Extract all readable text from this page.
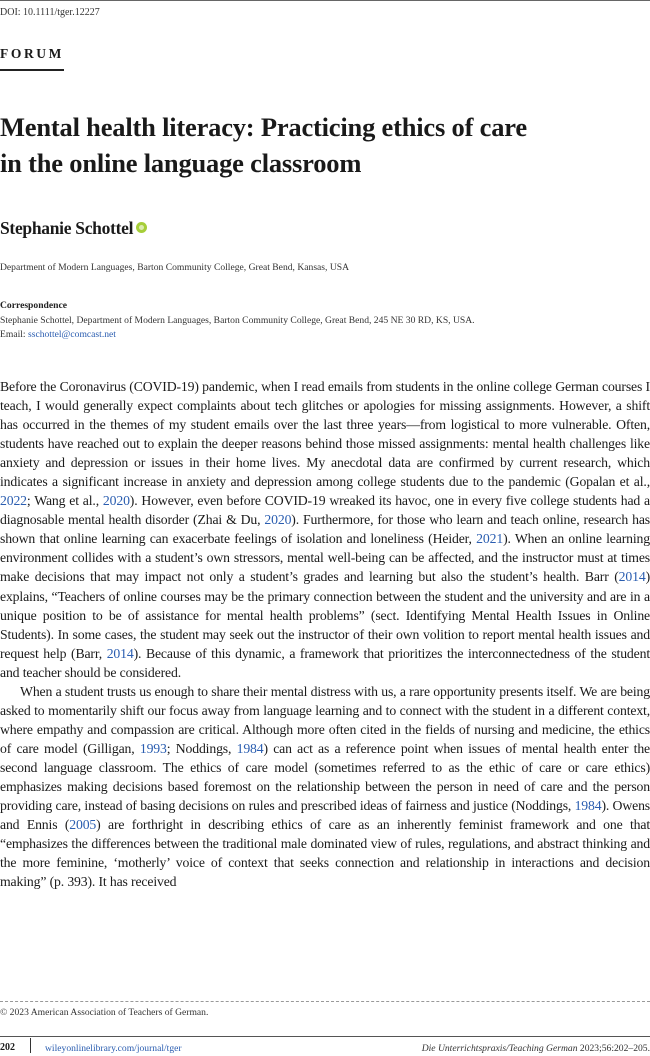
DOI: 10.1111/tger.12227
FORUM
Mental health literacy: Practicing ethics of care
in the online language classroom
Stephanie Schottel
Department of Modern Languages, Barton Community College, Great Bend, Kansas, USA
Correspondence
Stephanie Schottel, Department of Modern Languages, Barton Community College, Great Bend, 245 NE 30 RD, KS, USA.
Email: sschottel@comcast.net

Before the Coronavirus (COVID-19) pandemic, when I read emails from students in the online college German courses I teach, I would generally expect complaints about tech glitches or apologies for missing assignments. However, a shift has occurred in the themes of my student emails over the last three years—from logistical to more vulnerable. Often, students have reached out to explain the deeper reasons behind those missed assignments: mental health challenges like anxiety and depression or issues in their home lives. My anecdotal data are confirmed by current research, which indicates a significant increase in anxiety and depression among college students due to the pandemic (Gopalan et al., 2022; Wang et al., 2020). However, even before COVID-19 wreaked its havoc, one in every five college students had a diagnosable mental health disorder (Zhai & Du, 2020). Furthermore, for those who learn and teach online, research has shown that online learning can exacerbate feelings of isolation and loneliness (Heider, 2021). When an online learning environment collides with a student’s own stressors, mental well-being can be affected, and the instructor must at times make decisions that may impact not only a student’s grades and learning but also the student’s health. Barr (2014) explains, “Teachers of online courses may be the primary connection between the student and the university and are in a unique position to be of assistance for mental health problems” (sect. Identifying Mental Health Issues in Online Students). In some cases, the student may seek out the instructor of their own volition to report mental health issues and request help (Barr, 2014). Because of this dynamic, a framework that prioritizes the interconnectedness of the student and teacher should be considered.

When a student trusts us enough to share their mental distress with us, a rare opportunity presents itself. We are being asked to momentarily shift our focus away from language learning and to connect with the student in a different context, where empathy and compassion are critical. Although more often cited in the fields of nursing and medicine, the ethics of care model (Gilligan, 1993; Noddings, 1984) can act as a reference point when issues of mental health enter the second language classroom. The ethics of care model (sometimes referred to as the ethic of care or care ethics) emphasizes making decisions based foremost on the relationship between the person in need of care and the person providing care, instead of basing decisions on rules and prescribed ideas of fairness and justice (Noddings, 1984). Owens and Ennis (2005) are forthright in describing ethics of care as an inherently feminist framework and one that “emphasizes the differences between the traditional male dominated view of rules, regulations, and abstract thinking and the more feminine, ‘motherly’ voice of context that seeks connection and relationship in interactions and decision making” (p. 393). It has received

© 2023 American Association of Teachers of German.
202	wileyonlinelibrary.com/journal/tger	Die Unterrichtspraxis/Teaching German 2023;56:202–205.
